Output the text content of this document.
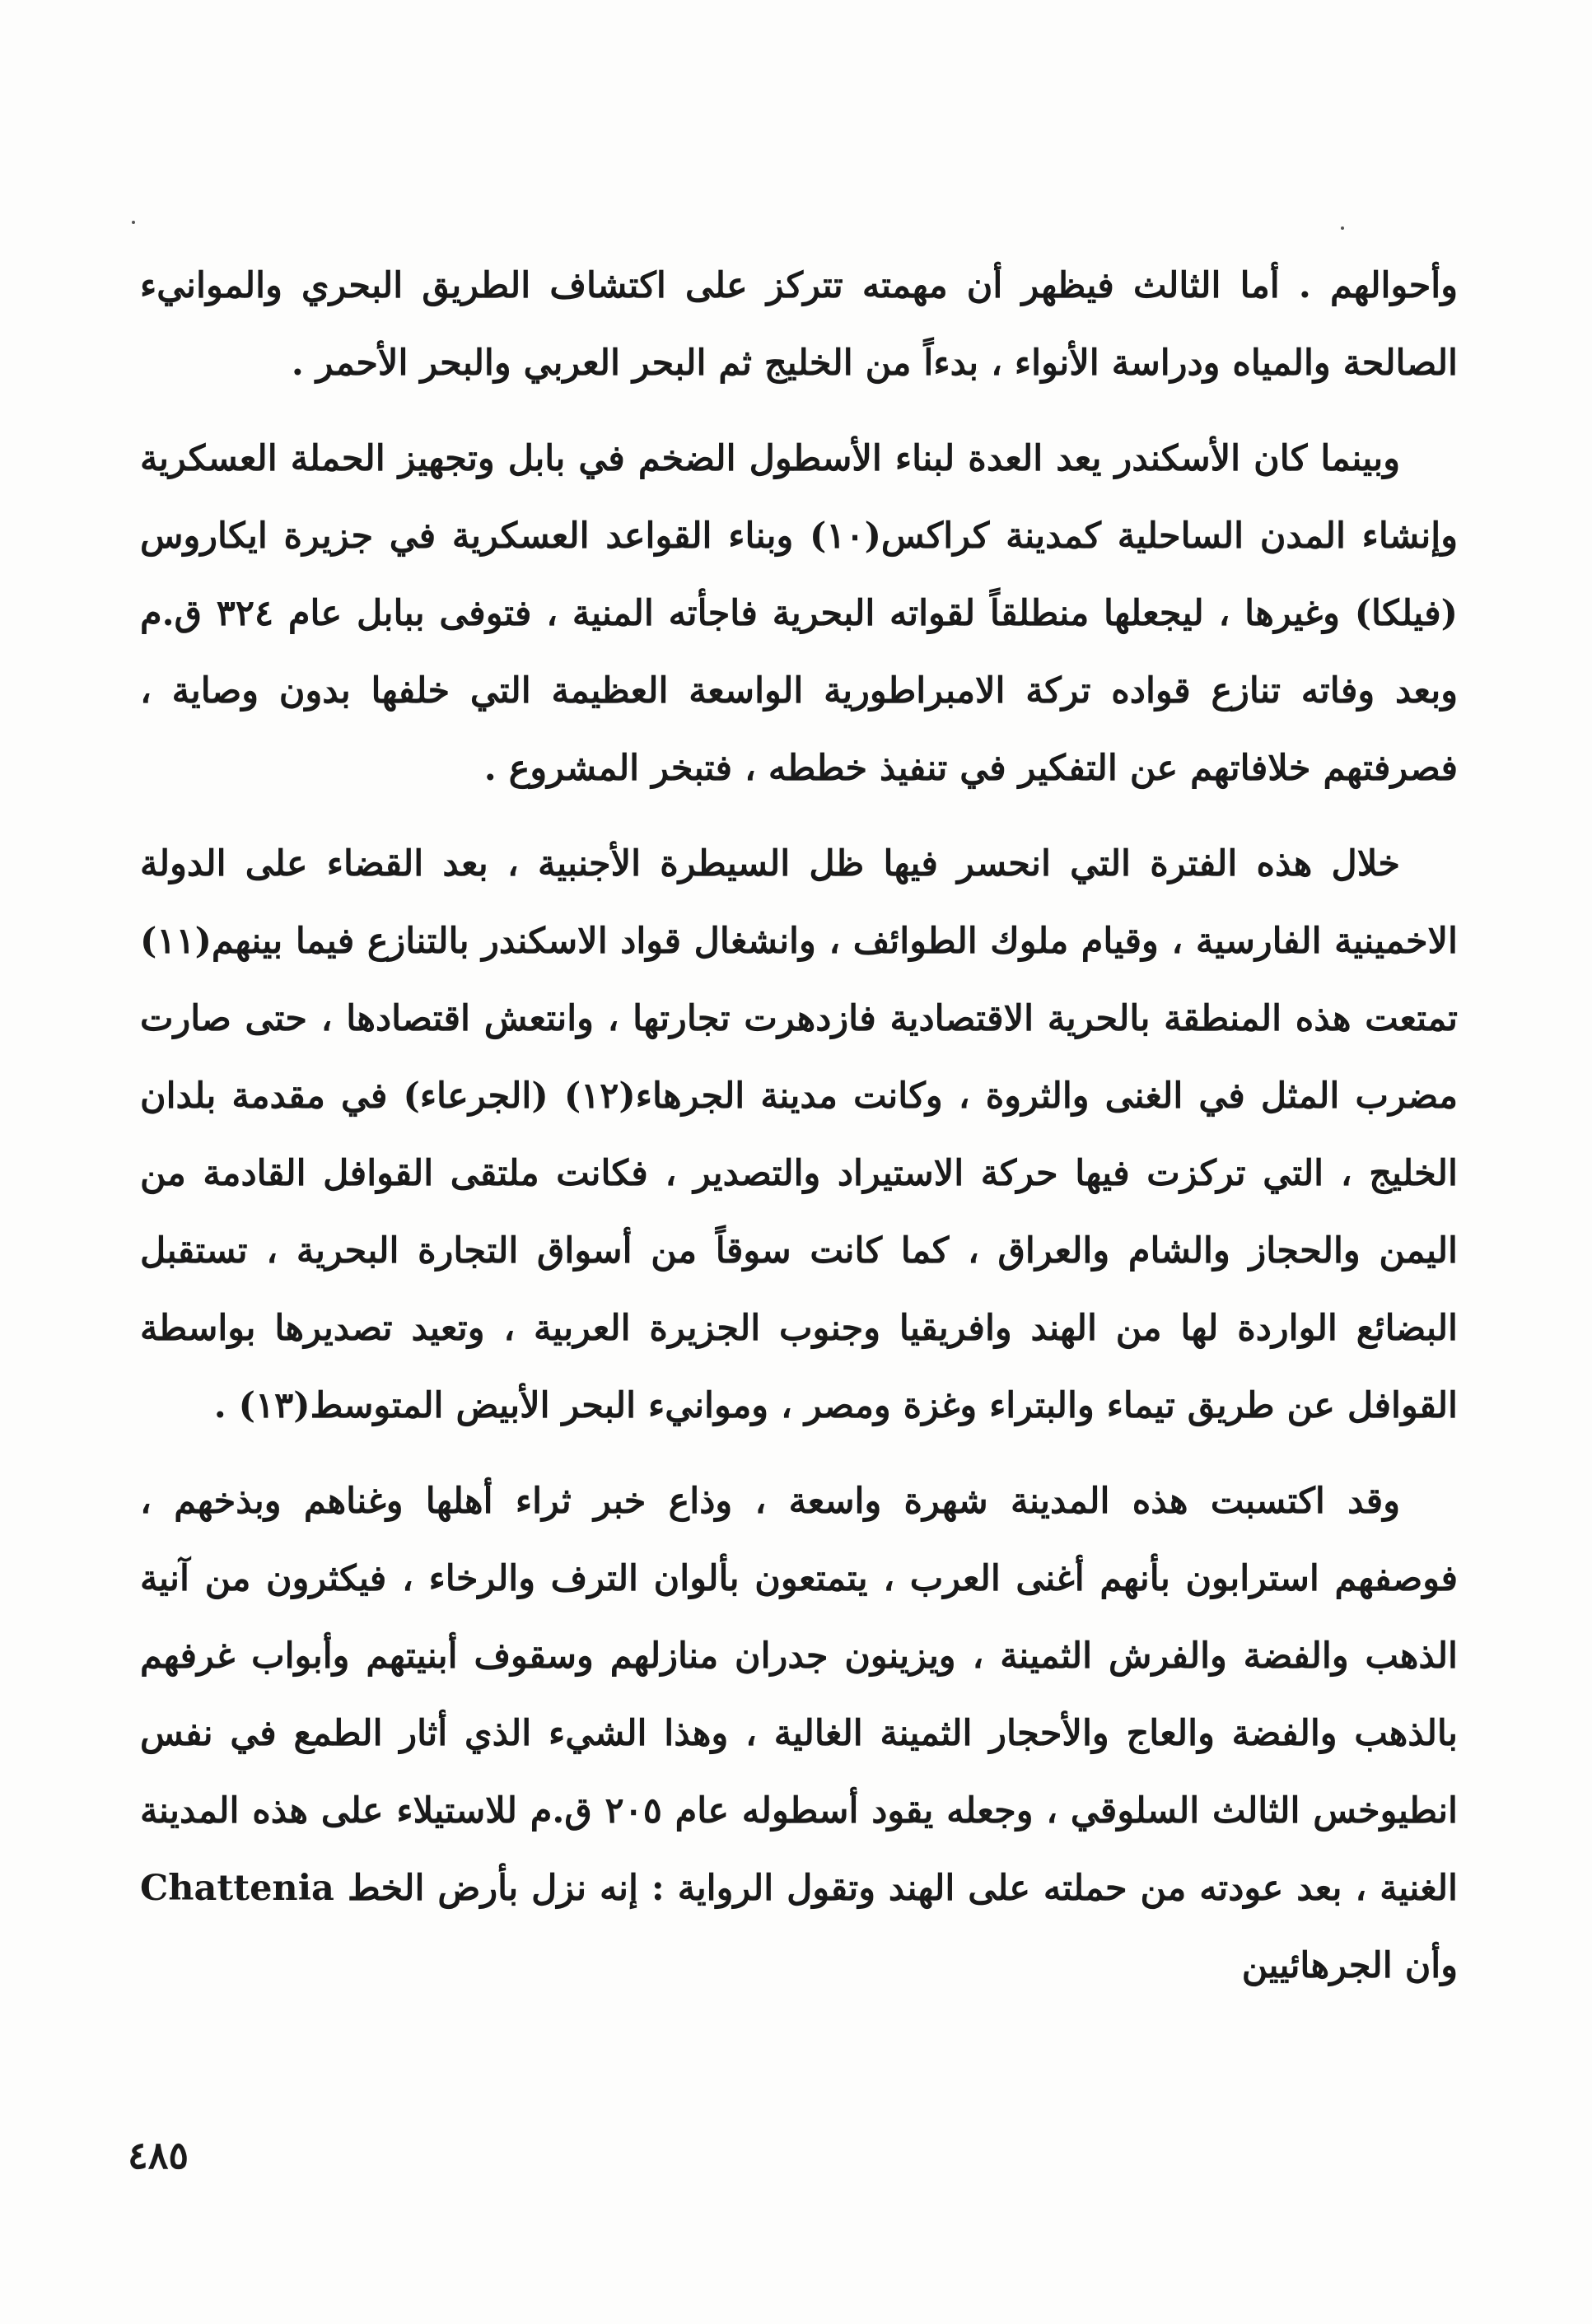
وأحوالهم . أما الثالث فيظهر أن مهمته تتركز على اكتشاف الطريق البحري والموانيء الصالحة والمياه ودراسة الأنواء ، بدءاً من الخليج ثم البحر العربي والبحر الأحمر .

وبينما كان الأسكندر يعد العدة لبناء الأسطول الضخم في بابل وتجهيز الحملة العسكرية وإنشاء المدن الساحلية كمدينة كراكس(١٠) وبناء القواعد العسكرية في جزيرة ايكاروس (فيلكا) وغيرها ، ليجعلها منطلقاً لقواته البحرية فاجأته المنية ، فتوفى ببابل عام ٣٢٤ ق.م وبعد وفاته تنازع قواده تركة الامبراطورية الواسعة العظيمة التي خلفها بدون وصاية ، فصرفتهم خلافاتهم عن التفكير في تنفيذ خططه ، فتبخر المشروع .

خلال هذه الفترة التي انحسر فيها ظل السيطرة الأجنبية ، بعد القضاء على الدولة الاخمينية الفارسية ، وقيام ملوك الطوائف ، وانشغال قواد الاسكندر بالتنازع فيما بينهم(١١) تمتعت هذه المنطقة بالحرية الاقتصادية فازدهرت تجارتها ، وانتعش اقتصادها ، حتى صارت مضرب المثل في الغنى والثروة ، وكانت مدينة الجرهاء(١٢) (الجرعاء) في مقدمة بلدان الخليج ، التي تركزت فيها حركة الاستيراد والتصدير ، فكانت ملتقى القوافل القادمة من اليمن والحجاز والشام والعراق ، كما كانت سوقاً من أسواق التجارة البحرية ، تستقبل البضائع الواردة لها من الهند وافريقيا وجنوب الجزيرة العربية ، وتعيد تصديرها بواسطة القوافل عن طريق تيماء والبتراء وغزة ومصر ، وموانيء البحر الأبيض المتوسط(١٣) .

وقد اكتسبت هذه المدينة شهرة واسعة ، وذاع خبر ثراء أهلها وغناهم وبذخهم ، فوصفهم استرابون بأنهم أغنى العرب ، يتمتعون بألوان الترف والرخاء ، فيكثرون من آنية الذهب والفضة والفرش الثمينة ، ويزينون جدران منازلهم وسقوف أبنيتهم وأبواب غرفهم بالذهب والفضة والعاج والأحجار الثمينة الغالية ، وهذا الشيء الذي أثار الطمع في نفس انطيوخس الثالث السلوقي ، وجعله يقود أسطوله عام ٢٠٥ ق.م للاستيلاء على هذه المدينة الغنية ، بعد عودته من حملته على الهند وتقول الرواية : إنه نزل بأرض الخط Chattenia وأن الجرهائيين

٤٨٥
